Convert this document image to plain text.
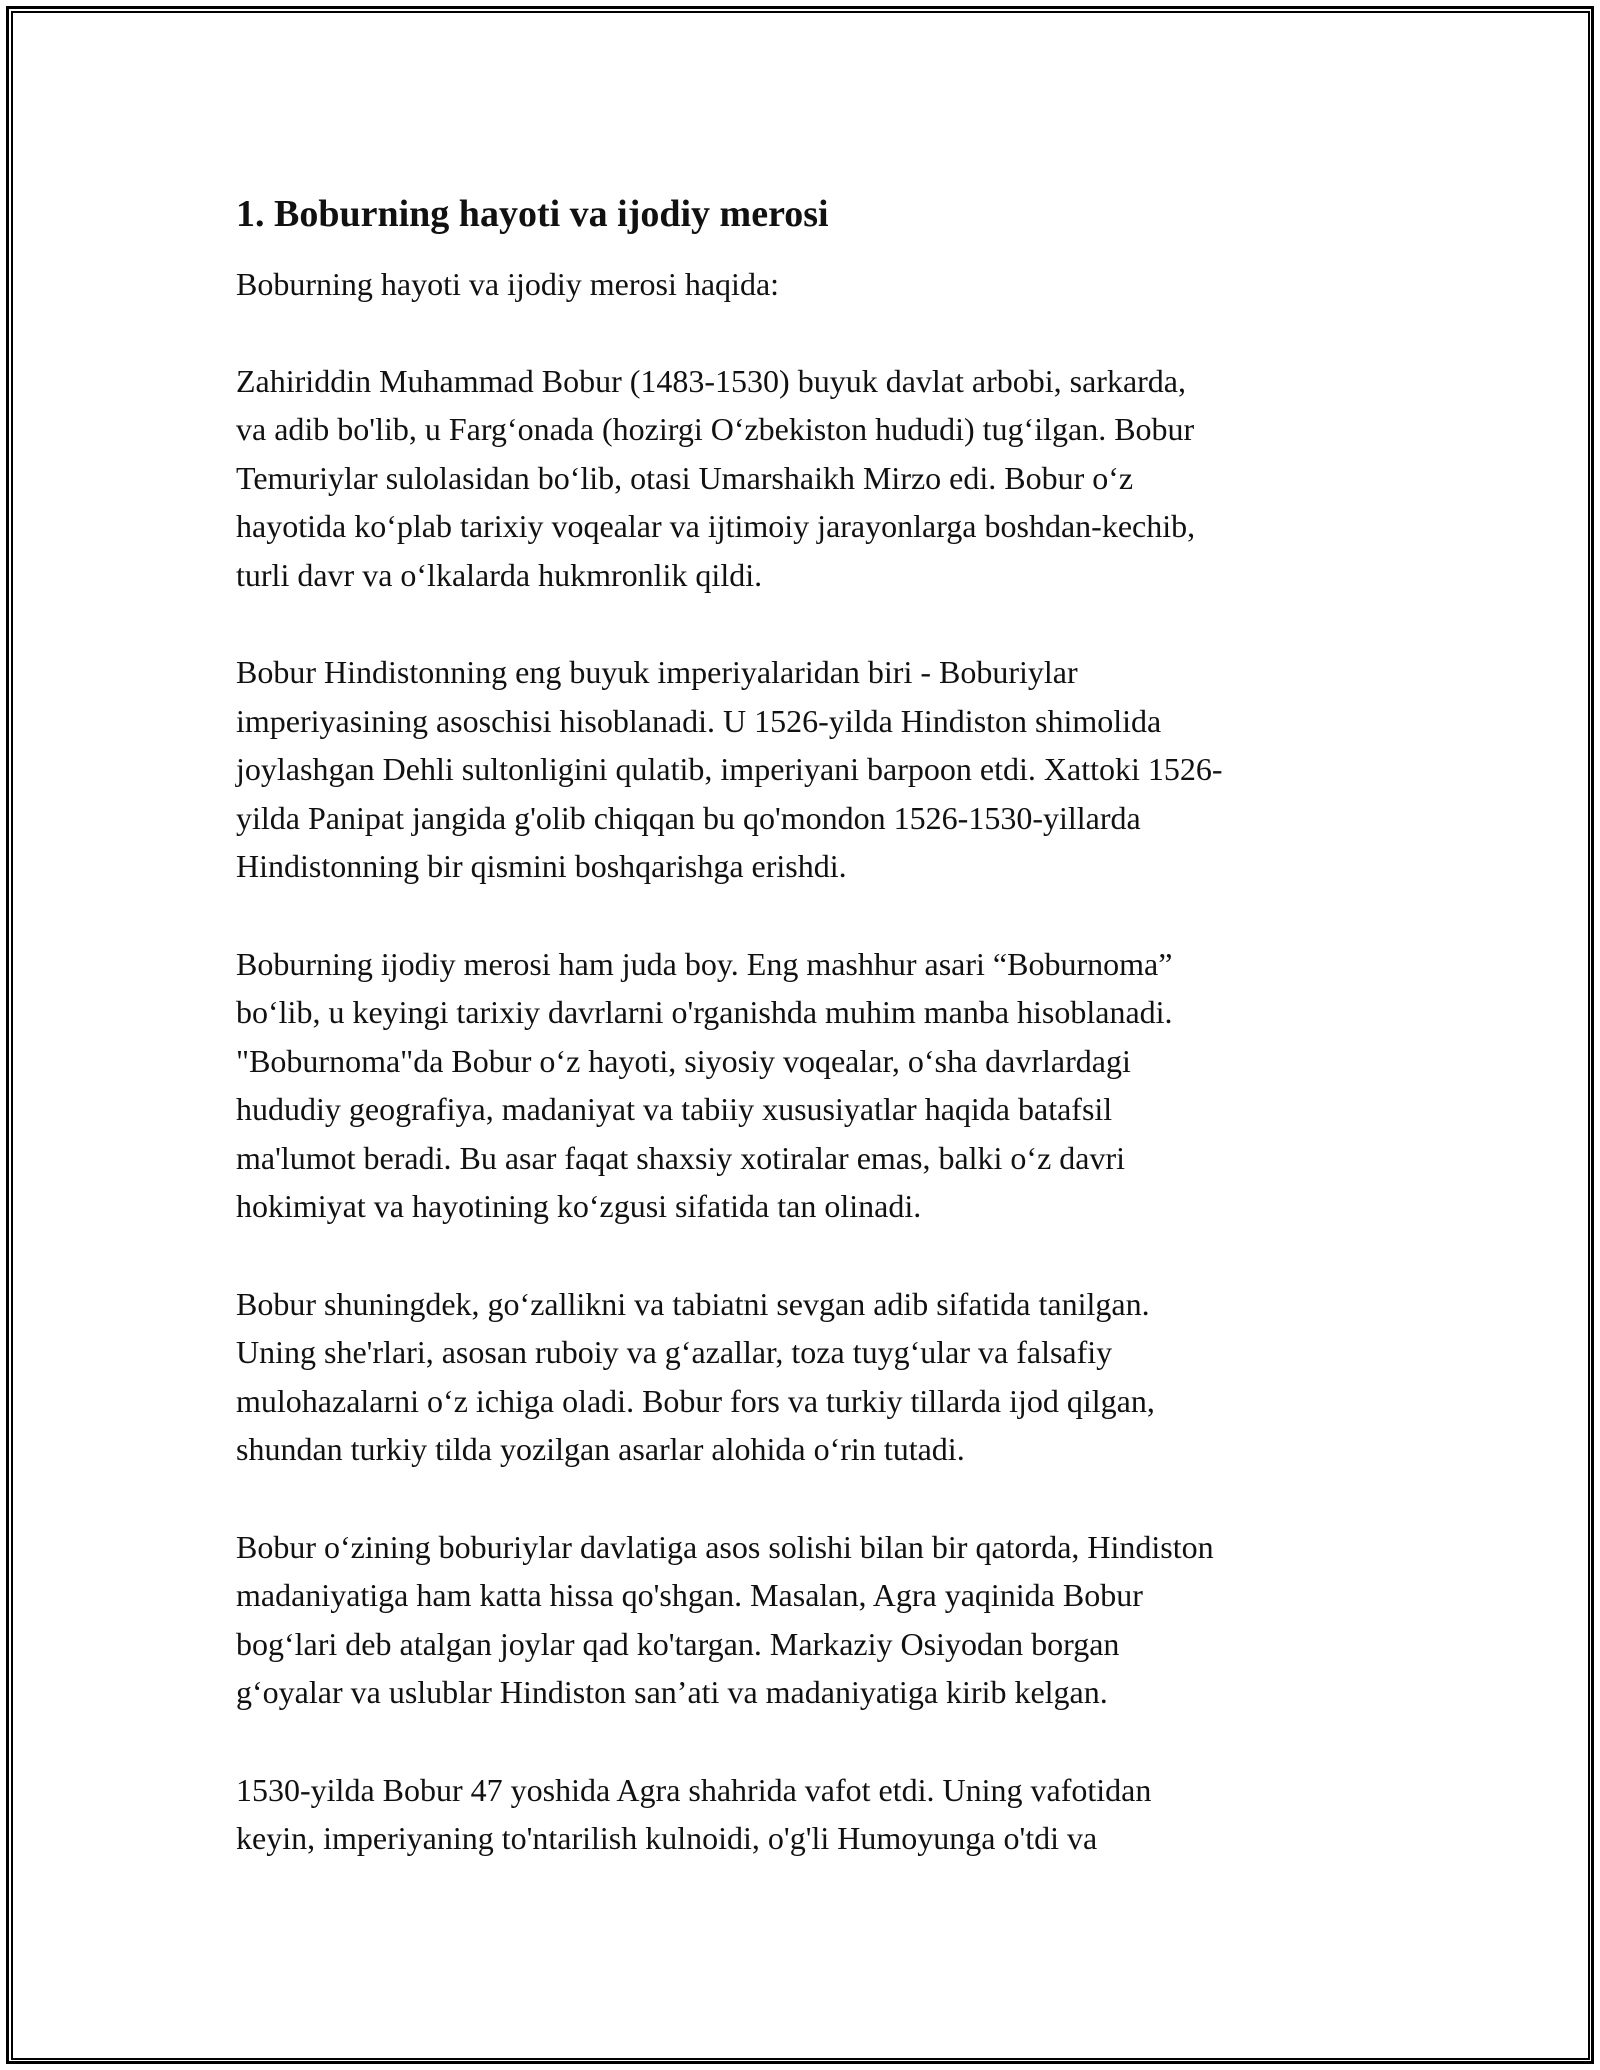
1. Boburning hayoti va ijodiy merosi

Boburning hayoti va ijodiy merosi haqida:

Zahiriddin Muhammad Bobur (1483-1530) buyuk davlat arbobi, sarkarda,
va adib bo'lib, u Farg‘onada (hozirgi O‘zbekiston hududi) tug‘ilgan. Bobur
Temuriylar sulolasidan bo‘lib, otasi Umarshaikh Mirzo edi. Bobur o‘z
hayotida ko‘plab tarixiy voqealar va ijtimoiy jarayonlarga boshdan-kechib,
turli davr va o‘lkalarda hukmronlik qildi.

Bobur Hindistonning eng buyuk imperiyalaridan biri - Boburiylar
imperiyasining asoschisi hisoblanadi. U 1526-yilda Hindiston shimolida
joylashgan Dehli sultonligini qulatib, imperiyani barpoon etdi. Xattoki 1526-
yilda Panipat jangida g'olib chiqqan bu qo'mondon 1526-1530-yillarda
Hindistonning bir qismini boshqarishga erishdi.

Boburning ijodiy merosi ham juda boy. Eng mashhur asari “Boburnoma”
bo‘lib, u keyingi tarixiy davrlarni o'rganishda muhim manba hisoblanadi.
"Boburnoma"da Bobur o‘z hayoti, siyosiy voqealar, o‘sha davrlardagi
hududiy geografiya, madaniyat va tabiiy xususiyatlar haqida batafsil
ma'lumot beradi. Bu asar faqat shaxsiy xotiralar emas, balki o‘z davri
hokimiyat va hayotining ko‘zgusi sifatida tan olinadi.

Bobur shuningdek, go‘zallikni va tabiatni sevgan adib sifatida tanilgan.
Uning she'rlari, asosan ruboiy va g‘azallar, toza tuyg‘ular va falsafiy
mulohazalarni o‘z ichiga oladi. Bobur fors va turkiy tillarda ijod qilgan,
shundan turkiy tilda yozilgan asarlar alohida o‘rin tutadi.

Bobur o‘zining boburiylar davlatiga asos solishi bilan bir qatorda, Hindiston
madaniyatiga ham katta hissa qo'shgan. Masalan, Agra yaqinida Bobur
bog‘lari deb atalgan joylar qad ko'targan. Markaziy Osiyodan borgan
g‘oyalar va uslublar Hindiston san’ati va madaniyatiga kirib kelgan.

1530-yilda Bobur 47 yoshida Agra shahrida vafot etdi. Uning vafotidan
keyin, imperiyaning to'ntarilish kulnoidi, o'g'li Humoyunga o'tdi va
